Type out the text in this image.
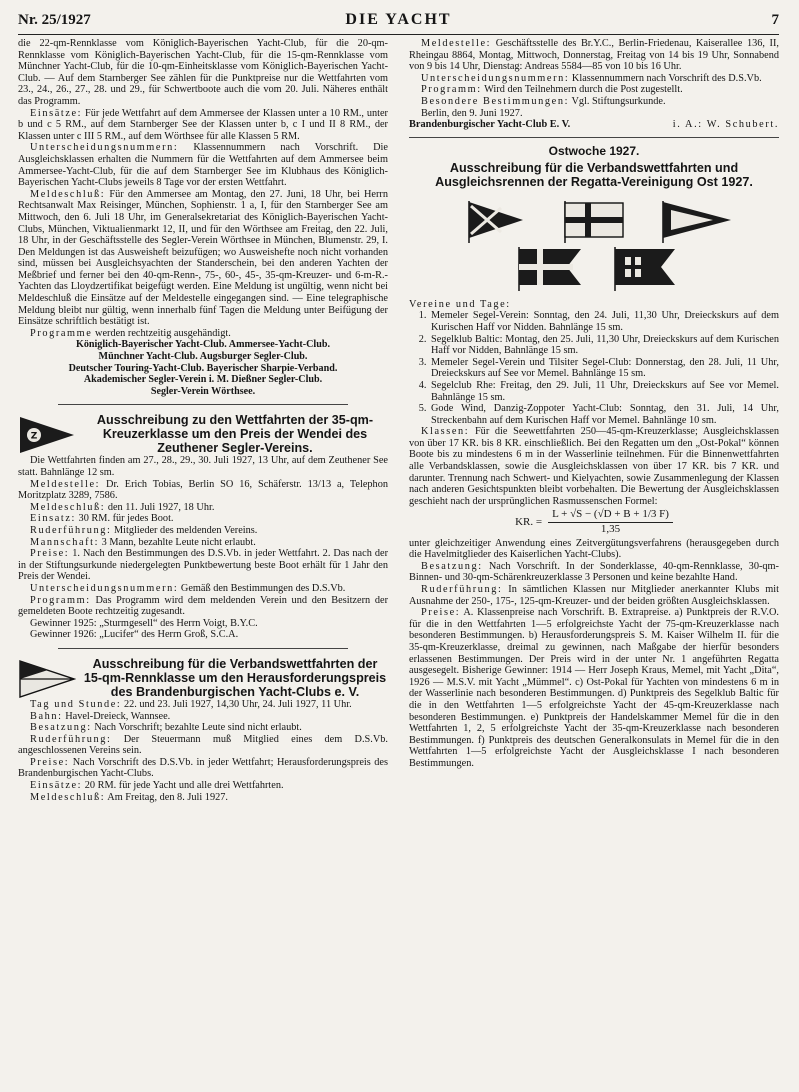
Nr. 25/1927	DIE YACHT	7

die 22-qm-Rennklasse vom Königlich-Bayerischen Yacht-Club, für die 20-qm-Rennklasse vom Königlich-Bayerischen Yacht-Club, für die 15-qm-Rennklasse vom Münchner Yacht-Club, für die 10-qm-Einheitsklasse vom Königlich-Bayerischen Yacht-Club. — Auf dem Starnberger See zählen für die Punktpreise nur die Wettfahrten vom 23., 24., 26., 27., 28. und 29., für Schwertboote auch die vom 20. Juli. Näheres enthält das Programm.

Einsätze: Für jede Wettfahrt auf dem Ammersee der Klassen unter a 10 RM., unter b und c 5 RM., auf dem Starnberger See der Klassen unter b, c I und II 8 RM., der Klassen unter c III 5 RM., auf dem Wörthsee für alle Klassen 5 RM.

Unterscheidungsnummern: Klassennummern nach Vorschrift. Die Ausgleichsklassen erhalten die Nummern für die Wettfahrten auf dem Ammersee beim Ammersee-Yacht-Club, für die auf dem Starnberger See im Klubhaus des Königlich-Bayerischen Yacht-Clubs jeweils 8 Tage vor der ersten Wettfahrt.

Meldeschluß: Für den Ammersee am Montag, den 27. Juni, 18 Uhr, bei Herrn Rechtsanwalt Max Reisinger, München, Sophienstr. 1 a, I, für den Starnberger See am Mittwoch, den 6. Juli 18 Uhr, im Generalsekretariat des Königlich-Bayerischen Yacht-Clubs, München, Viktualienmarkt 12, II, und für den Wörthsee am Freitag, den 22. Juli, 18 Uhr, in der Geschäftsstelle des Segler-Verein Wörthsee in München, Blumenstr. 29, I. Den Meldungen ist das Ausweisheft beizufügen; wo Ausweishefte noch nicht vorhanden sind, müssen bei Ausgleichsyachten der Standerschein, bei den anderen Yachten der Meßbrief und ferner bei den 40-qm-Renn-, 75-, 60-, 45-, 35-qm-Kreuzer- und 6-m-R.-Yachten das Lloydzertifikat beigefügt werden. Eine Meldung ist ungültig, wenn nicht bei Meldeschluß die Einsätze auf der Meldestelle eingegangen sind. — Eine telegraphische Meldung bleibt nur gültig, wenn innerhalb fünf Tagen die Meldung unter Beifügung der Einsätze schriftlich bestätigt ist.

Programme werden rechtzeitig ausgehändigt.

Königlich-Bayerischer Yacht-Club. Ammersee-Yacht-Club.
Münchner Yacht-Club. Augsburger Segler-Club.
Deutscher Touring-Yacht-Club. Bayerischer Sharpie-Verband.
Akademischer Segler-Verein i. M. Dießner Segler-Club.
Segler-Verein Wörthsee.
Z
Ausschreibung zu den Wettfahrten der 35-qm-Kreuzerklasse um den Preis der Wendei des Zeuthener Segler-Vereins.

Die Wettfahrten finden am 27., 28., 29., 30. Juli 1927, 13 Uhr, auf dem Zeuthener See statt. Bahnlänge 12 sm.

Meldestelle: Dr. Erich Tobias, Berlin SO 16, Schäferstr. 13/13 a, Telephon Moritzplatz 3289, 7586.

Meldeschluß: den 11. Juli 1927, 18 Uhr.

Einsatz: 30 RM. für jedes Boot.

Ruderführung: Mitglieder des meldenden Vereins.

Mannschaft: 3 Mann, bezahlte Leute nicht erlaubt.

Preise: 1. Nach den Bestimmungen des D.S.Vb. in jeder Wettfahrt. 2. Das nach der in der Stiftungsurkunde niedergelegten Punktbewertung beste Boot erhält für 1 Jahr den Preis der Wendei.

Unterscheidungsnummern: Gemäß den Bestimmungen des D.S.Vb.

Programm: Das Programm wird dem meldenden Verein und den Besitzern der gemeldeten Boote rechtzeitig zugesandt.

Gewinner 1925: „Sturmgesell“ des Herrn Voigt, B.Y.C.

Gewinner 1926: „Lucifer“ des Herrn Groß, S.C.A.

Ausschreibung für die Verbandswettfahrten der 15-qm-Rennklasse um den Herausforderungspreis des Brandenburgischen Yacht-Clubs e. V.

Tag und Stunde: 22. und 23. Juli 1927, 14,30 Uhr, 24. Juli 1927, 11 Uhr.

Bahn: Havel-Dreieck, Wannsee.

Besatzung: Nach Vorschrift; bezahlte Leute sind nicht erlaubt.

Ruderführung: Der Steuermann muß Mitglied eines dem D.S.Vb. angeschlossenen Vereins sein.

Preise: Nach Vorschrift des D.S.Vb. in jeder Wettfahrt; Herausforderungspreis des Brandenburgischen Yacht-Clubs.

Einsätze: 20 RM. für jede Yacht und alle drei Wettfahrten.

Meldeschluß: Am Freitag, den 8. Juli 1927.

Meldestelle: Geschäftsstelle des Br.Y.C., Berlin-Friedenau, Kaiserallee 136, II, Rheingau 8864, Montag, Mittwoch, Donnerstag, Freitag von 14 bis 19 Uhr, Sonnabend von 9 bis 14 Uhr, Dienstag: Andreas 5584—85 von 10 bis 16 Uhr.

Unterscheidungsnummern: Klassennummern nach Vorschrift des D.S.Vb.

Programm: Wird den Teilnehmern durch die Post zugestellt.

Besondere Bestimmungen: Vgl. Stiftungsurkunde.

Berlin, den 9. Juni 1927.

Brandenburgischer Yacht-Club E. V.	i. A.: W. Schubert.
Ostwoche 1927.
Ausschreibung für die Verbandswettfahrten und Ausgleichsrennen der Regatta-Vereinigung Ost 1927.

Vereine und Tage:

1. Memeler Segel-Verein: Sonntag, den 24. Juli, 11,30 Uhr, Dreieckskurs auf dem Kurischen Haff vor Nidden. Bahnlänge 15 sm.
2. Segelklub Baltic: Montag, den 25. Juli, 11,30 Uhr, Dreieckskurs auf dem Kurischen Haff vor Nidden, Bahnlänge 15 sm.
3. Memeler Segel-Verein und Tilsiter Segel-Club: Donnerstag, den 28. Juli, 11 Uhr, Dreieckskurs auf See vor Memel. Bahnlänge 15 sm.
4. Segelclub Rhe: Freitag, den 29. Juli, 11 Uhr, Dreieckskurs auf See vor Memel. Bahnlänge 15 sm.
5. Gode Wind, Danzig-Zoppoter Yacht-Club: Sonntag, den 31. Juli, 14 Uhr, Streckenbahn auf dem Kurischen Haff vor Memel. Bahnlänge 10 sm.

Klassen: Für die Seewettfahrten 250—45-qm-Kreuzerklasse; Ausgleichsklassen von über 17 KR. bis 8 KR. einschließlich. Bei den Regatten um den „Ost-Pokal“ können Boote bis zu mindestens 6 m in der Wasserlinie teilnehmen. Für die Binnenwettfahrten alle Verbandsklassen, sowie die Ausgleichsklassen von über 17 KR. bis 7 KR. und darunter. Trennung nach Schwert- und Kielyachten, sowie Zusammenlegung der Klassen nach anderen Gesichtspunkten bleibt vorbehalten. Die Bewertung der Ausgleichsklassen geschieht nach der ursprünglichen Rasmussenschen Formel:

KR. = $\frac{L + √S - (√D + B + 1/3 F)}{1,35}$

unter gleichzeitiger Anwendung eines Zeitvergütungsverfahrens (herausgegeben durch die Havelmitglieder des Kaiserlichen Yacht-Clubs).

Besatzung: Nach Vorschrift. In der Sonderklasse, 40-qm-Rennklasse, 30-qm-Binnen- und 30-qm-Schärenkreuzerklasse 3 Personen und keine bezahlte Hand.

Ruderführung: In sämtlichen Klassen nur Mitglieder anerkannter Klubs mit Ausnahme der 250-, 175-, 125-qm-Kreuzer- und der beiden größten Ausgleichsklassen.

Preise: A. Klassenpreise nach Vorschrift. B. Extrapreise. a) Punktpreis der R.V.O. für die in den Wettfahrten 1—5 erfolgreichste Yacht der 75-qm-Kreuzerklasse nach besonderen Bestimmungen. b) Herausforderungspreis S. M. Kaiser Wilhelm II. für die 35-qm-Kreuzerklasse, dreimal zu gewinnen, nach Maßgabe der hierfür besonders erlassenen Bestimmungen. Der Preis wird in der unter Nr. 1 angeführten Regatta ausgesegelt. Bisherige Gewinner: 1914 — Herr Joseph Kraus, Memel, mit Yacht „Dita“, 1926 — M.S.V. mit Yacht „Mümmel“. c) Ost-Pokal für Yachten von mindestens 6 m in der Wasserlinie nach besonderen Bestimmungen. d) Punktpreis des Segelklub Baltic für die in den Wettfahrten 1—5 erfolgreichste Yacht der 45-qm-Kreuzerklasse nach besonderen Bestimmungen. e) Punktpreis der Handelskammer Memel für die in den Wettfahrten 1, 2, 5 erfolgreichste Yacht der 35-qm-Kreuzerklasse nach besonderen Bestimmungen. f) Punktpreis des deutschen Generalkonsulats in Memel für die in den Wettfahrten 1—5 erfolgreichste Yacht der Ausgleichsklasse I nach besonderen Bestimmungen.
